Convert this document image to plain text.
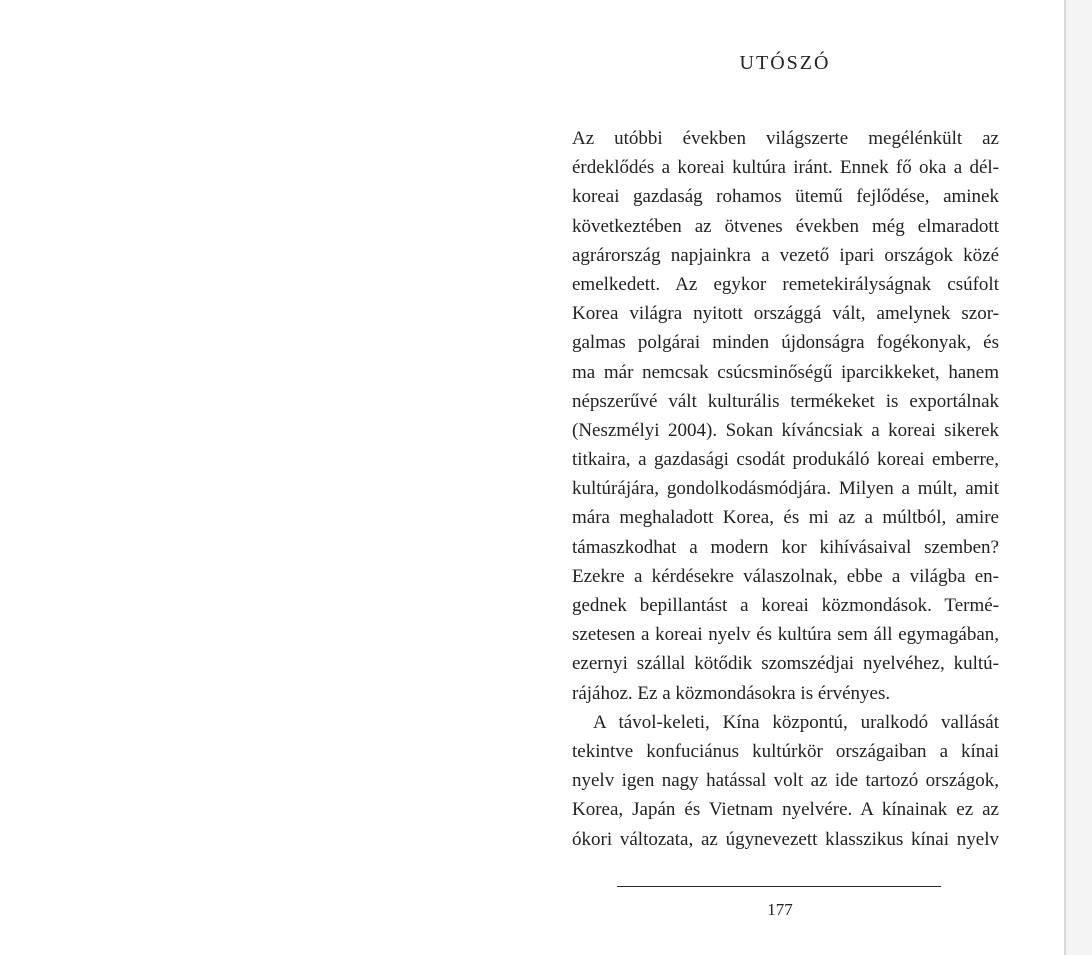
UTÓSZÓ
Az utóbbi években világszerte megélénkült az
érdeklődés a koreai kultúra iránt. Ennek fő oka a dél-
koreai gazdaság rohamos ütemű fejlődése, aminek
következtében az ötvenes években még elmaradott
agrárország napjainkra a vezető ipari országok közé
emelkedett. Az egykor remetekirályságnak csúfolt
Korea világra nyitott országgá vált, amelynek szor-
galmas polgárai minden újdonságra fogékonyak, és
ma már nemcsak csúcsminőségű iparcikkeket, hanem
népszerűvé vált kulturális termékeket is exportálnak
(Neszmélyi 2004). Sokan kíváncsiak a koreai sikerek
titkaira, a gazdasági csodát produkáló koreai emberre,
kultúrájára, gondolkodásmódjára. Milyen a múlt, amit
mára meghaladott Korea, és mi az a múltból, amire
támaszkodhat a modern kor kihívásaival szemben?
Ezekre a kérdésekre válaszolnak, ebbe a világba en-
gednek bepillantást a koreai közmondások. Termé-
szetesen a koreai nyelv és kultúra sem áll egymagában,
ezernyi szállal kötődik szomszédjai nyelvéhez, kultú-
rájához. Ez a közmondásokra is érvényes.
A távol-keleti, Kína központú, uralkodó vallását
tekintve konfuciánus kultúrkör országaiban a kínai
nyelv igen nagy hatással volt az ide tartozó országok,
Korea, Japán és Vietnam nyelvére. A kínainak ez az
ókori változata, az úgynevezett klasszikus kínai nyelv
177
